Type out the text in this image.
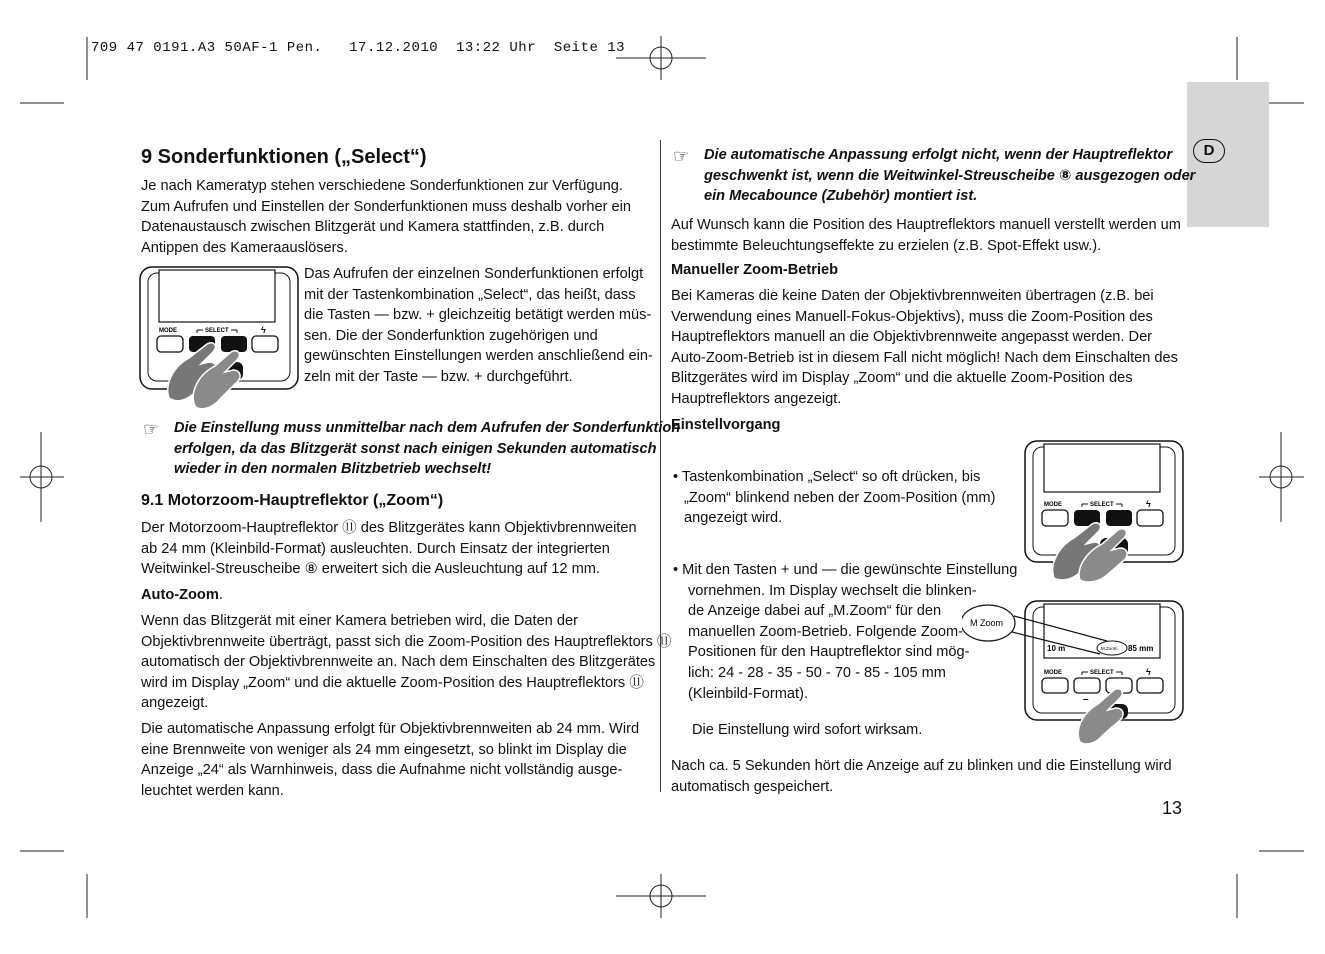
709 47 0191.A3 50AF-1 Pen.   17.12.2010  13:22 Uhr  Seite 13
D
9 Sonderfunktionen („Select“)
Je nach Kameratyp stehen verschiedene Sonderfunktionen zur Verfügung.
Zum Aufrufen und Einstellen der Sonderfunktionen muss deshalb vorher ein
Datenaustausch zwischen Blitzgerät und Kamera stattfinden, z.B. durch
Antippen des Kameraauslösers.
MODE	SELECT	ϟ
Das Aufrufen der einzelnen Sonderfunktionen erfolgt
mit der Tastenkombination „Select“, das heißt, dass
die Tasten — bzw. + gleichzeitig betätigt werden müs-
sen. Die der Sonderfunktion zugehörigen und
gewünschten Einstellungen werden anschließend ein-
zeln mit der Taste — bzw. + durchgeführt.
☞ Die Einstellung muss unmittelbar nach dem Aufrufen der Sonderfunktion
erfolgen, da das Blitzgerät sonst nach einigen Sekunden automatisch
wieder in den normalen Blitzbetrieb wechselt!
9.1 Motorzoom-Hauptreflektor („Zoom“)
Der Motorzoom-Hauptreflektor ⑪ des Blitzgerätes kann Objektivbrennweiten
ab 24 mm (Kleinbild-Format) ausleuchten. Durch Einsatz der integrierten
Weitwinkel-Streuscheibe ⑧ erweitert sich die Ausleuchtung auf 12 mm.
Auto-Zoom.
Wenn das Blitzgerät mit einer Kamera betrieben wird, die Daten der
Objektivbrennweite überträgt, passt sich die Zoom-Position des Hauptreflektors ⑪
automatisch der Objektivbrennweite an. Nach dem Einschalten des Blitzgerätes
wird im Display „Zoom“ und die aktuelle Zoom-Position des Hauptreflektors ⑪
angezeigt.
Die automatische Anpassung erfolgt für Objektivbrennweiten ab 24 mm. Wird
eine Brennweite von weniger als 24 mm eingesetzt, so blinkt im Display die
Anzeige „24“ als Warnhinweis, dass die Aufnahme nicht vollständig ausge-
leuchtet werden kann.
☞ Die automatische Anpassung erfolgt nicht, wenn der Hauptreflektor
geschwenkt ist, wenn die Weitwinkel-Streuscheibe ⑧ ausgezogen oder
ein Mecabounce (Zubehör) montiert ist.
Auf Wunsch kann die Position des Hauptreflektors manuell verstellt werden um
bestimmte Beleuchtungseffekte zu erzielen (z.B. Spot-Effekt usw.).
Manueller Zoom-Betrieb
Bei Kameras die keine Daten der Objektivbrennweiten übertragen (z.B. bei
Verwendung eines Manuell-Fokus-Objektivs), muss die Zoom-Position des
Hauptreflektors manuell an die Objektivbrennweite angepasst werden. Der
Auto-Zoom-Betrieb ist in diesem Fall nicht möglich! Nach dem Einschalten des
Blitzgerätes wird im Display „Zoom“ und die aktuelle Zoom-Position des
Hauptreflektors angezeigt.
Einstellvorgang
• Tastenkombination „Select“ so oft drücken, bis
„Zoom“ blinkend neben der Zoom-Position (mm)
angezeigt wird.
• Mit den Tasten + und — die gewünschte Einstellung
vornehmen. Im Display wechselt die blinken-
de Anzeige dabei auf „M.Zoom“ für den
manuellen Zoom-Betrieb. Folgende Zoom-
Positionen für den Hauptreflektor sind mög-
lich: 24 - 28 - 35 - 50 - 70 - 85 - 105 mm
(Kleinbild-Format).
Die Einstellung wird sofort wirksam.
Nach ca. 5 Sekunden hört die Anzeige auf zu blinken und die Einstellung wird
automatisch gespeichert.
MODE	SELECT	ϟ
10 m	M.Zoom 85 mm
M Zoom
MODE	SELECT	ϟ
–
13
